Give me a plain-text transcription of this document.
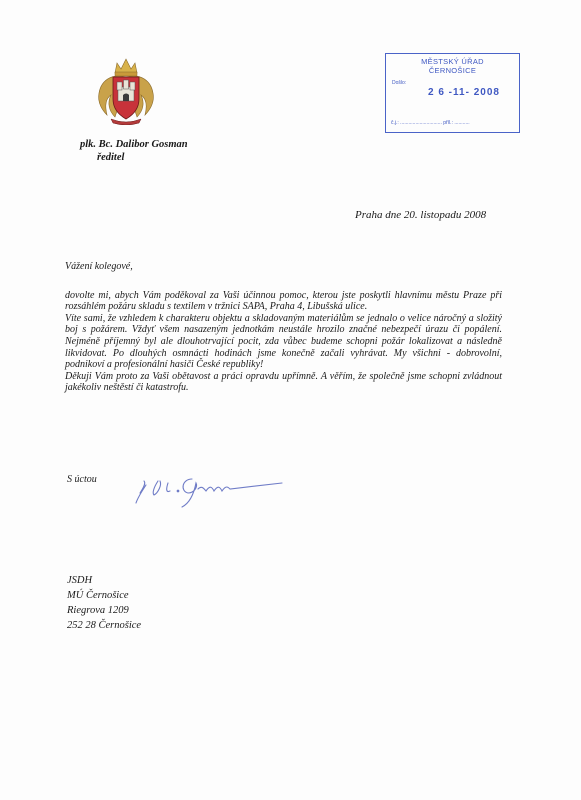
plk. Bc. Dalibor Gosman
ředitel
MĚSTSKÝ ÚŘAD
ČERNOŠICE
Došlo:
2 6 -11- 2008
č.j.: .............................. příl.: ...........
Praha dne 20. listopadu 2008
Vážení kolegové,

dovolte mi, abych Vám poděkoval za Vaši účinnou pomoc, kterou jste poskytli hlavnímu městu Praze při rozsáhlém požáru skladu s textilem v tržnici SAPA, Praha 4, Libušská ulice.

Víte sami, že vzhledem k charakteru objektu a skladovaným materiálům se jednalo o velice náročný a složitý boj s požárem. Vždyť všem nasazeným jednotkám neustále hrozilo značné nebezpečí úrazu či popálení. Nejméně příjemný byl ale dlouhotrvající pocit, zda vůbec budeme schopni požár lokalizovat a následně likvidovat. Po dlouhých osmnácti hodinách jsme konečně začali vyhrávat. My všichni - dobrovolní, podnikoví a profesionální hasiči České republiky!

Děkuji Vám proto za Vaši obětavost a práci opravdu upřímně. A věřím, že společně jsme schopni zvládnout jakékoliv neštěstí či katastrofu.

S úctou
JSDH
MÚ Černošice
Riegrova 1209
252 28 Černošice
